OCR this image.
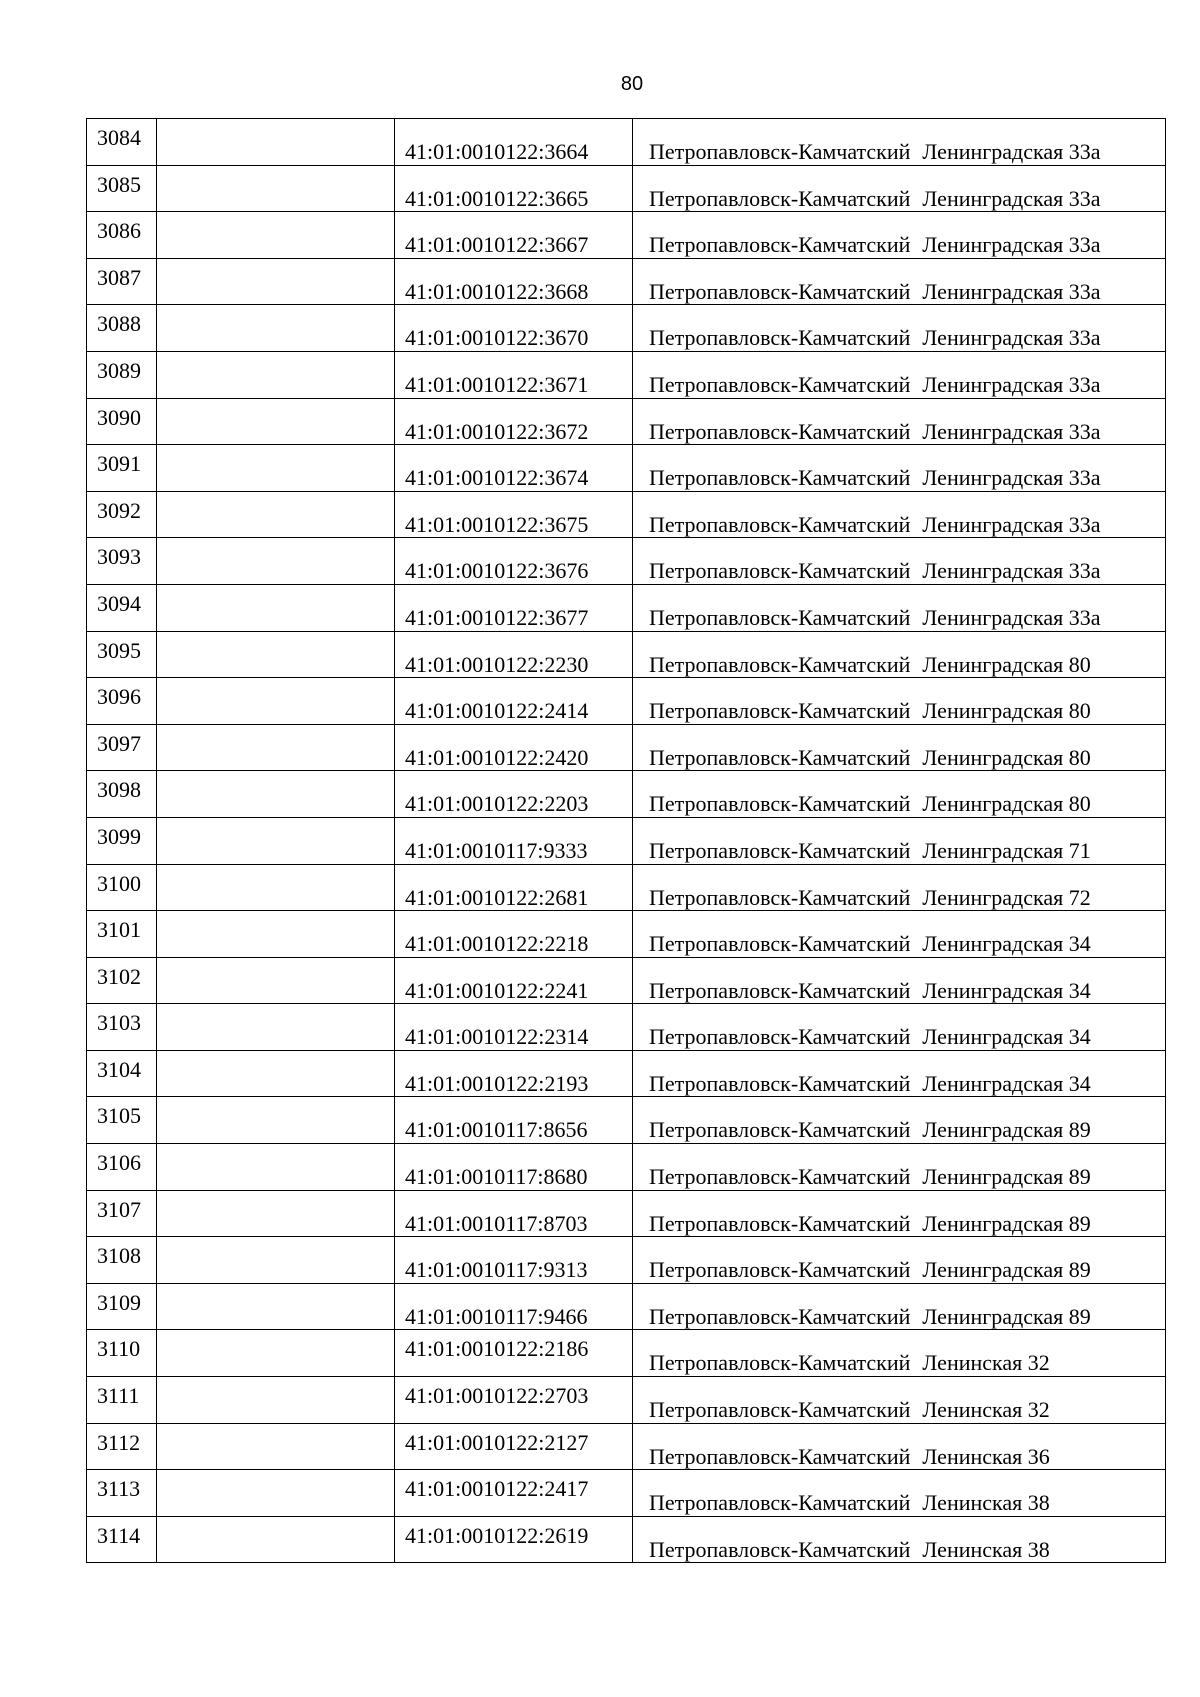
80
3084		41:01:0010122:3664	Петропавловск-Камчатский Ленинградская 33а

3085		41:01:0010122:3665	Петропавловск-Камчатский Ленинградская 33а

3086		41:01:0010122:3667	Петропавловск-Камчатский Ленинградская 33а

3087		41:01:0010122:3668	Петропавловск-Камчатский Ленинградская 33а

3088		41:01:0010122:3670	Петропавловск-Камчатский Ленинградская 33а

3089		41:01:0010122:3671	Петропавловск-Камчатский Ленинградская 33а

3090		41:01:0010122:3672	Петропавловск-Камчатский Ленинградская 33а

3091		41:01:0010122:3674	Петропавловск-Камчатский Ленинградская 33а

3092		41:01:0010122:3675	Петропавловск-Камчатский Ленинградская 33а

3093		41:01:0010122:3676	Петропавловск-Камчатский Ленинградская 33а

3094		41:01:0010122:3677	Петропавловск-Камчатский Ленинградская 33а

3095		41:01:0010122:2230	Петропавловск-Камчатский Ленинградская 80

3096		41:01:0010122:2414	Петропавловск-Камчатский Ленинградская 80

3097		41:01:0010122:2420	Петропавловск-Камчатский Ленинградская 80

3098		41:01:0010122:2203	Петропавловск-Камчатский Ленинградская 80

3099		41:01:0010117:9333	Петропавловск-Камчатский Ленинградская 71

3100		41:01:0010122:2681	Петропавловск-Камчатский Ленинградская 72

3101		41:01:0010122:2218	Петропавловск-Камчатский Ленинградская 34

3102		41:01:0010122:2241	Петропавловск-Камчатский Ленинградская 34

3103		41:01:0010122:2314	Петропавловск-Камчатский Ленинградская 34

3104		41:01:0010122:2193	Петропавловск-Камчатский Ленинградская 34

3105		41:01:0010117:8656	Петропавловск-Камчатский Ленинградская 89

3106		41:01:0010117:8680	Петропавловск-Камчатский Ленинградская 89

3107		41:01:0010117:8703	Петропавловск-Камчатский Ленинградская 89

3108		41:01:0010117:9313	Петропавловск-Камчатский Ленинградская 89

3109		41:01:0010117:9466	Петропавловск-Камчатский Ленинградская 89

3110		41:01:0010122:2186	Петропавловск-Камчатский Ленинская 32

3111		41:01:0010122:2703	Петропавловск-Камчатский Ленинская 32

3112		41:01:0010122:2127	Петропавловск-Камчатский Ленинская 36

3113		41:01:0010122:2417	Петропавловск-Камчатский Ленинская 38

3114		41:01:0010122:2619	Петропавловск-Камчатский Ленинская 38
